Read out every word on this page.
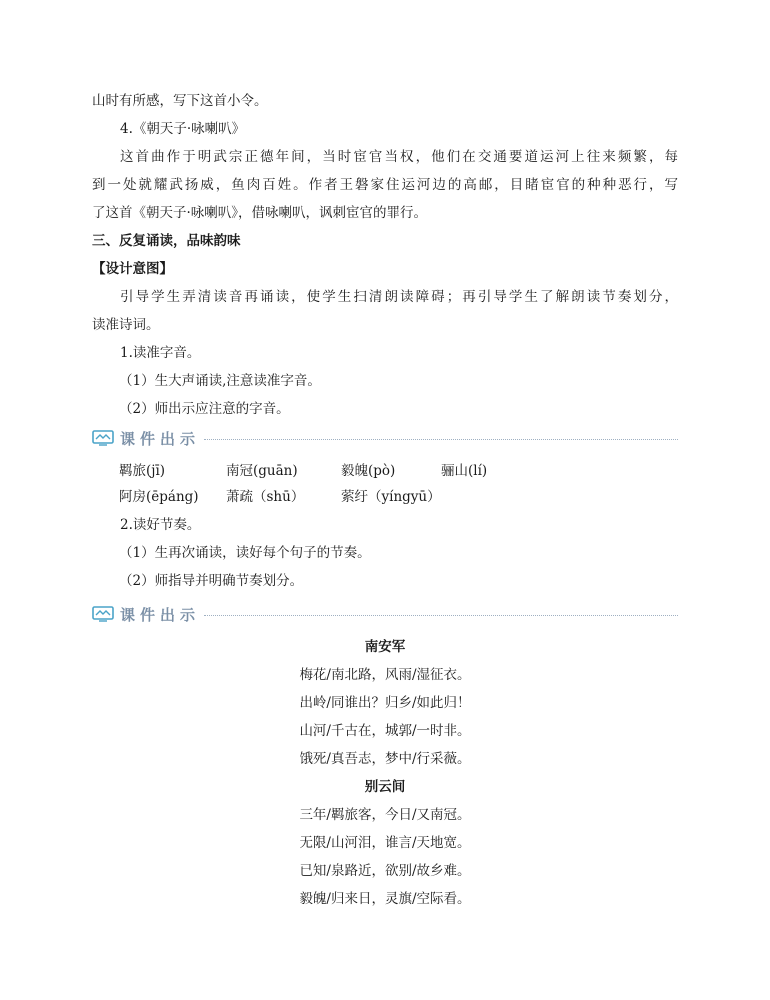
山时有所感，写下这首小令。
4.《朝天子·咏喇叭》
这首曲作于明武宗正德年间，当时宦官当权，他们在交通要道运河上往来频繁，每
到一处就耀武扬威，鱼肉百姓。作者王磐家住运河边的高邮，目睹宦官的种种恶行，写
了这首《朝天子·咏喇叭》，借咏喇叭，讽刺宦官的罪行。
三、反复诵读，品味韵味
【设计意图】
引导学生弄清读音再诵读，使学生扫清朗读障碍；再引导学生了解朗读节奏划分，
读准诗词。
1.读准字音。
（1）生大声诵读,注意读准字音。
（2）师出示应注意的字音。
课件出示
羁旅(jī)	南冠(guān)	毅魄(pò)	骊山(lí)
阿房(ēpáng) 萧疏（shū）	萦纡（yíngyū）
2.读好节奏。
（1）生再次诵读，读好每个句子的节奏。
（2）师指导并明确节奏划分。
课件出示
南安军
梅花/南北路，风雨/湿征衣。
出岭/同谁出？归乡/如此归！
山河/千古在，城郭/一时非。
饿死/真吾志，梦中/行采薇。
别云间
三年/羁旅客，今日/又南冠。
无限/山河泪，谁言/天地宽。
已知/泉路近，欲别/故乡难。
毅魄/归来日，灵旗/空际看。
